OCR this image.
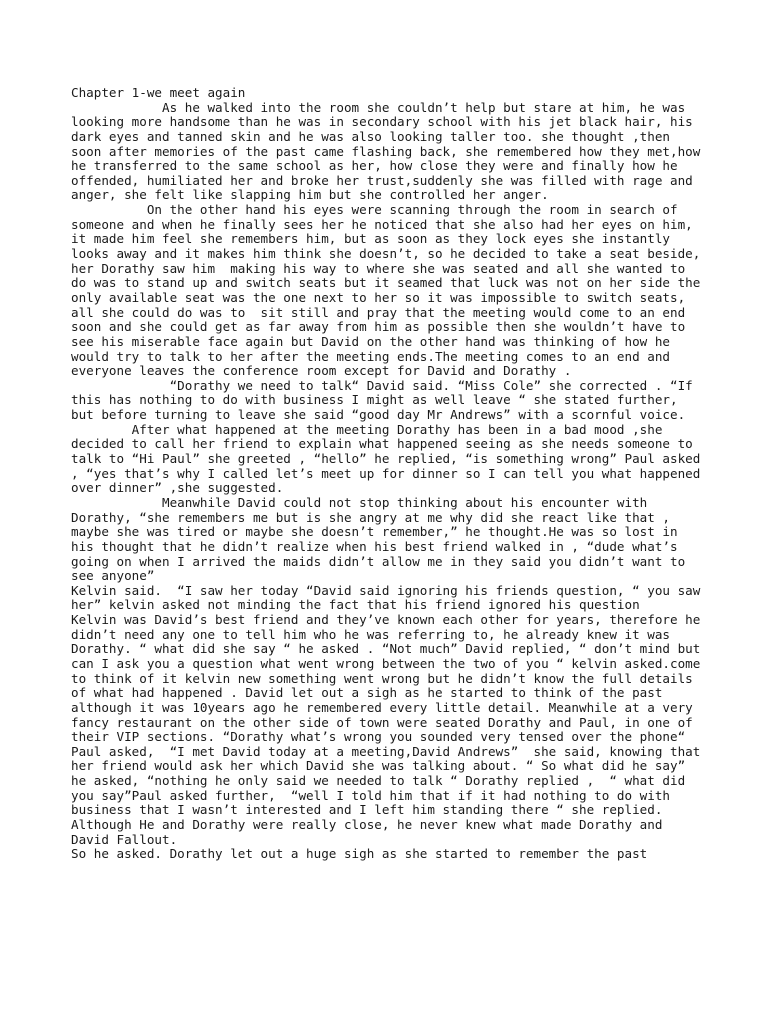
Chapter 1-we meet again
As he walked into the room she couldn’t help but stare at him, he was
looking more handsome than he was in secondary school with his jet black hair, his
dark eyes and tanned skin and he was also looking taller too. she thought ,then
soon after memories of the past came flashing back, she remembered how they met,how
he transferred to the same school as her, how close they were and finally how he
offended, humiliated her and broke her trust,suddenly she was filled with rage and
anger, she felt like slapping him but she controlled her anger.
On the other hand his eyes were scanning through the room in search of
someone and when he finally sees her he noticed that she also had her eyes on him,
it made him feel she remembers him, but as soon as they lock eyes she instantly
looks away and it makes him think she doesn’t, so he decided to take a seat beside,
her Dorathy saw him  making his way to where she was seated and all she wanted to
do was to stand up and switch seats but it seamed that luck was not on her side the
only available seat was the one next to her so it was impossible to switch seats,
all she could do was to  sit still and pray that the meeting would come to an end
soon and she could get as far away from him as possible then she wouldn’t have to
see his miserable face again but David on the other hand was thinking of how he
would try to talk to her after the meeting ends.The meeting comes to an end and
everyone leaves the conference room except for David and Dorathy .
“Dorathy we need to talk“ David said. “Miss Cole” she corrected . “If
this has nothing to do with business I might as well leave “ she stated further,
but before turning to leave she said “good day Mr Andrews” with a scornful voice.
After what happened at the meeting Dorathy has been in a bad mood ,she
decided to call her friend to explain what happened seeing as she needs someone to
talk to “Hi Paul” she greeted , “hello” he replied, “is something wrong” Paul asked
, “yes that’s why I called let’s meet up for dinner so I can tell you what happened
over dinner” ,she suggested.
Meanwhile David could not stop thinking about his encounter with
Dorathy, “she remembers me but is she angry at me why did she react like that ,
maybe she was tired or maybe she doesn’t remember,” he thought.He was so lost in
his thought that he didn’t realize when his best friend walked in , “dude what’s
going on when I arrived the maids didn’t allow me in they said you didn’t want to
see anyone”
Kelvin said.  “I saw her today “David said ignoring his friends question, “ you saw
her” kelvin asked not minding the fact that his friend ignored his question
Kelvin was David’s best friend and they’ve known each other for years, therefore he
didn’t need any one to tell him who he was referring to, he already knew it was
Dorathy. “ what did she say “ he asked . “Not much” David replied, “ don’t mind but
can I ask you a question what went wrong between the two of you “ kelvin asked.come
to think of it kelvin new something went wrong but he didn’t know the full details
of what had happened . David let out a sigh as he started to think of the past
although it was 10years ago he remembered every little detail. Meanwhile at a very
fancy restaurant on the other side of town were seated Dorathy and Paul, in one of
their VIP sections. “Dorathy what’s wrong you sounded very tensed over the phone“
Paul asked,  “I met David today at a meeting,David Andrews”  she said, knowing that
her friend would ask her which David she was talking about. “ So what did he say”
he asked, “nothing he only said we needed to talk “ Dorathy replied ,  “ what did
you say”Paul asked further,  “well I told him that if it had nothing to do with
business that I wasn’t interested and I left him standing there “ she replied.
Although He and Dorathy were really close, he never knew what made Dorathy and
David Fallout.
So he asked. Dorathy let out a huge sigh as she started to remember the past
